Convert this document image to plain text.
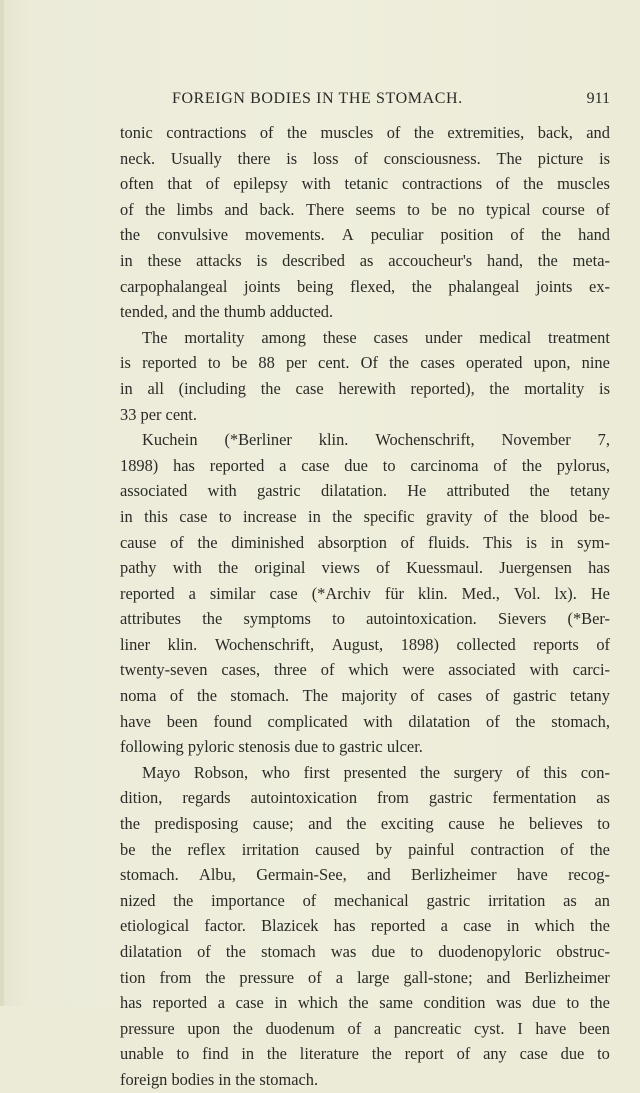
FOREIGN BODIES IN THE STOMACH.	911
tonic contractions of the muscles of the extremities, back, and
neck. Usually there is loss of consciousness. The picture is
often that of epilepsy with tetanic contractions of the muscles
of the limbs and back. There seems to be no typical course of
the convulsive movements. A peculiar position of the hand
in these attacks is described as accoucheur's hand, the meta-
carpophalangeal joints being flexed, the phalangeal joints ex-
tended,
and
the
thumb
adducted.
The mortality among these cases under medical treatment
is reported to be 88 per cent. Of the cases operated upon, nine
in all (including the case herewith reported), the mortality is
33
per
cent.
Kuchein (*Berliner klin. Wochenschrift, November 7,
1898) has reported a case due to carcinoma of the pylorus,
associated with gastric dilatation. He attributed the tetany
in this case to increase in the specific gravity of the blood be-
cause of the diminished absorption of fluids. This is in sym-
pathy with the original views of Kuessmaul. Juergensen has
reported a similar case (*Archiv für klin. Med., Vol. lx). He
attributes the symptoms to autointoxication. Sievers (*Ber-
liner klin. Wochenschrift, August, 1898) collected reports of
twenty-seven cases, three of which were associated with carci-
noma of the stomach. The majority of cases of gastric tetany
have been found complicated with dilatation of the stomach,
following
pyloric
stenosis
due
to
gastric
ulcer.
Mayo Robson, who first presented the surgery of this con-
dition, regards autointoxication from gastric fermentation as
the predisposing cause; and the exciting cause he believes to
be the reflex irritation caused by painful contraction of the
stomach. Albu, Germain-See, and Berlizheimer have recog-
nized the importance of mechanical gastric irritation as an
etiological factor. Blazicek has reported a case in which the
dilatation of the stomach was due to duodenopyloric obstruc-
tion from the pressure of a large gall-stone; and Berlizheimer
has reported a case in which the same condition was due to the
pressure upon the duodenum of a pancreatic cyst. I have been
unable to find in the literature the report of any case due to
foreign
bodies
in
the
stomach.
